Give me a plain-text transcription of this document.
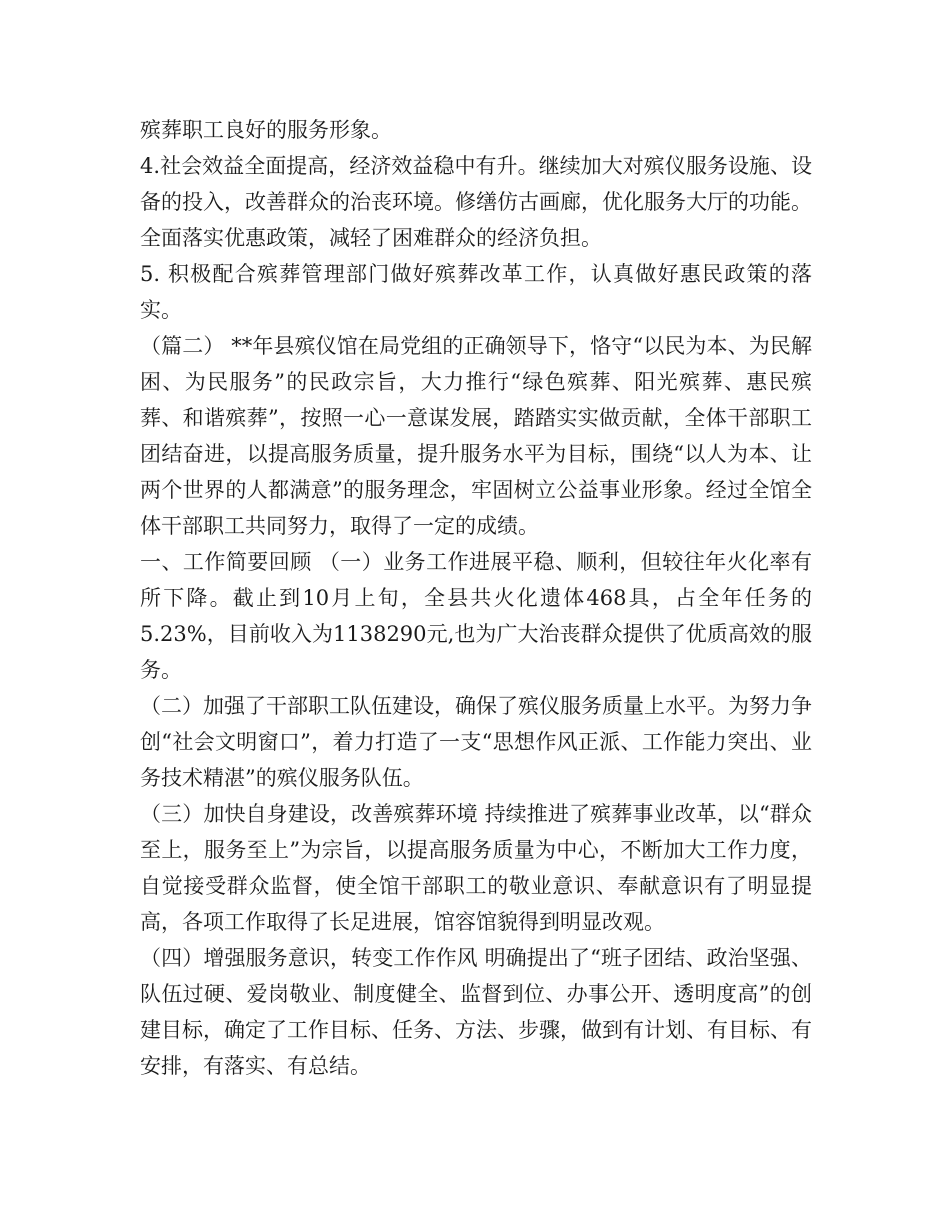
殡葬职工良好的服务形象。

4.社会效益全面提高，经济效益稳中有升。继续加大对殡仪服务设施、设备的投入，改善群众的治丧环境。修缮仿古画廊，优化服务大厅的功能。全面落实优惠政策，减轻了困难群众的经济负担。

5. 积极配合殡葬管理部门做好殡葬改革工作，认真做好惠民政策的落实。

（篇二） **年县殡仪馆在局党组的正确领导下，恪守“以民为本、为民解困、为民服务”的民政宗旨，大力推行“绿色殡葬、阳光殡葬、惠民殡葬、和谐殡葬”，按照一心一意谋发展，踏踏实实做贡献，全体干部职工团结奋进，以提高服务质量，提升服务水平为目标，围绕“以人为本、让两个世界的人都满意”的服务理念，牢固树立公益事业形象。经过全馆全体干部职工共同努力，取得了一定的成绩。

一、工作简要回顾 （一）业务工作进展平稳、顺利，但较往年火化率有所下降。截止到10月上旬，全县共火化遗体468具，占全年任务的5.23%，目前收入为1138290元,也为广大治丧群众提供了优质高效的服务。

（二）加强了干部职工队伍建设，确保了殡仪服务质量上水平。为努力争创“社会文明窗口”，着力打造了一支“思想作风正派、工作能力突出、业务技术精湛”的殡仪服务队伍。

（三）加快自身建设，改善殡葬环境 持续推进了殡葬事业改革，以“群众至上，服务至上”为宗旨，以提高服务质量为中心，不断加大工作力度，自觉接受群众监督，使全馆干部职工的敬业意识、奉献意识有了明显提高，各项工作取得了长足进展，馆容馆貌得到明显改观。

（四）增强服务意识，转变工作作风 明确提出了“班子团结、政治坚强、队伍过硬、爱岗敬业、制度健全、监督到位、办事公开、透明度高”的创建目标，确定了工作目标、任务、方法、步骤，做到有计划、有目标、有安排，有落实、有总结。
